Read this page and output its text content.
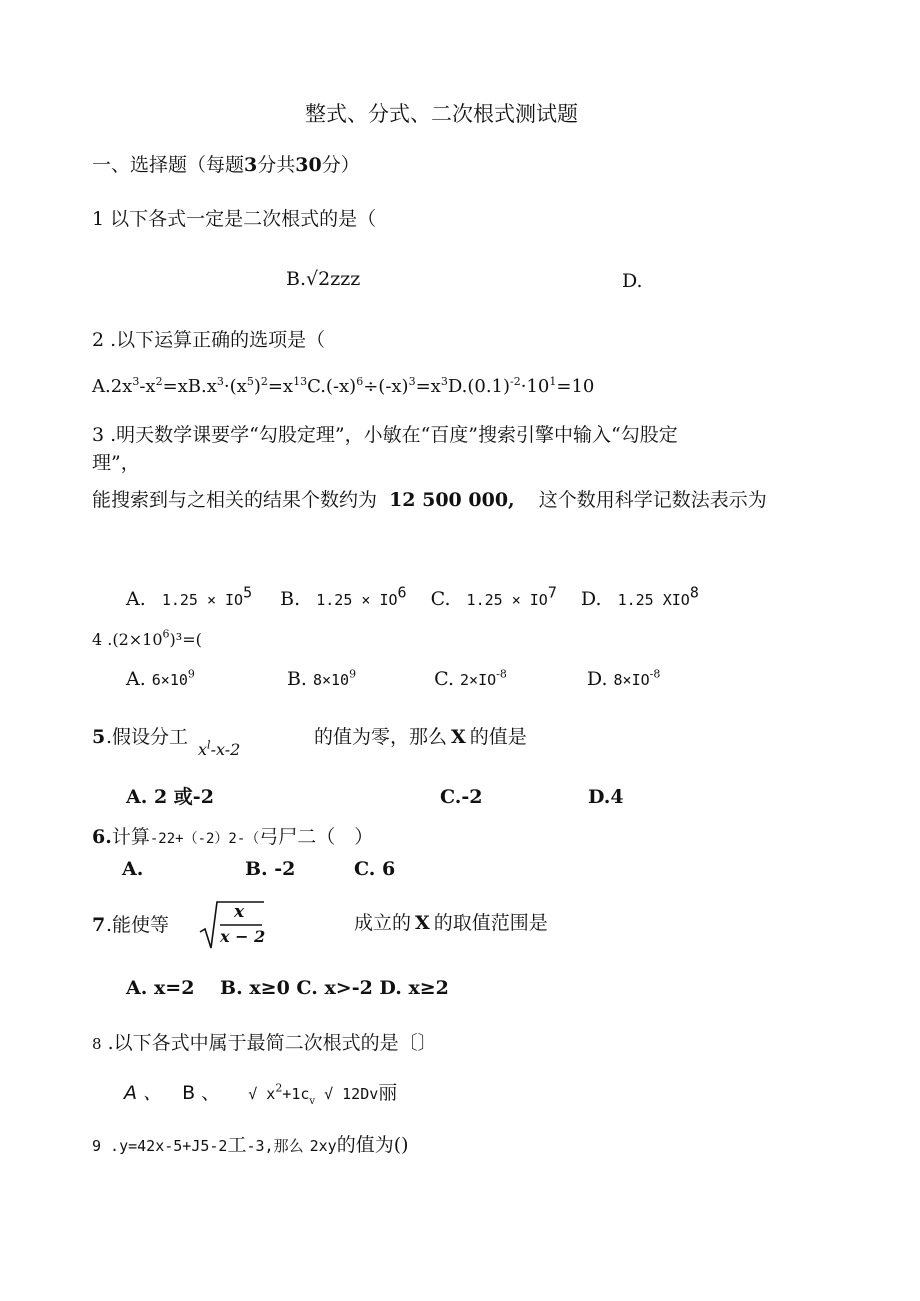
整式、分式、二次根式测试题
一、选择题（每题3分共30分）
1 以下各式一定是二次根式的是（
B.√2zzz	D.
2 .以下运算正确的选项是（
$A.2x^3-x^2=xB.x^3\cdot(x^5)^2=x^{13}C.(-x)^6\div(-x)^3=x^3D.(0.1)^{-2}\cdot 10^1=10$
3 .明天数学课要学“勾股定理”，小敏在“百度”搜索引擎中输入“勾股定
理”，
能搜索到与之相关的结果个数约为 12 500 000, 这个数用科学记数法表示为
A. $1.25 \times IO^5$ B. $1.25 \times IO^6$ C. $1.25 \times IO^7$ D. 1.25 XIO$^8$
4 $.(2\times 10^6)^3=$(
A. $6\times 10^9$	B. $8\times 10^9$	C. $2\times IO^{-8}$	D. $8\times IO^{-8}$
5 .假设分工
$x^l-x-2$
的值为零，那么 X 的值是
A. 2 或-2	C.-2	D.4
6.计算-22+（-2）2-（弓尸二（　）
A.	B. -2	C. 6
7 .能使等
x
x − 2
成立的 X 的取值范围是
A. x=2　 B. x≥0 C. x>-2 D. x≥2
8 .以下各式中属于最简二次根式的是〔〕
A 、 B 、 √ $x^2+1c_v$ √ 12Dv丽
9 .y=42x-5+J5-2工-3,那么 2xy的值为()
